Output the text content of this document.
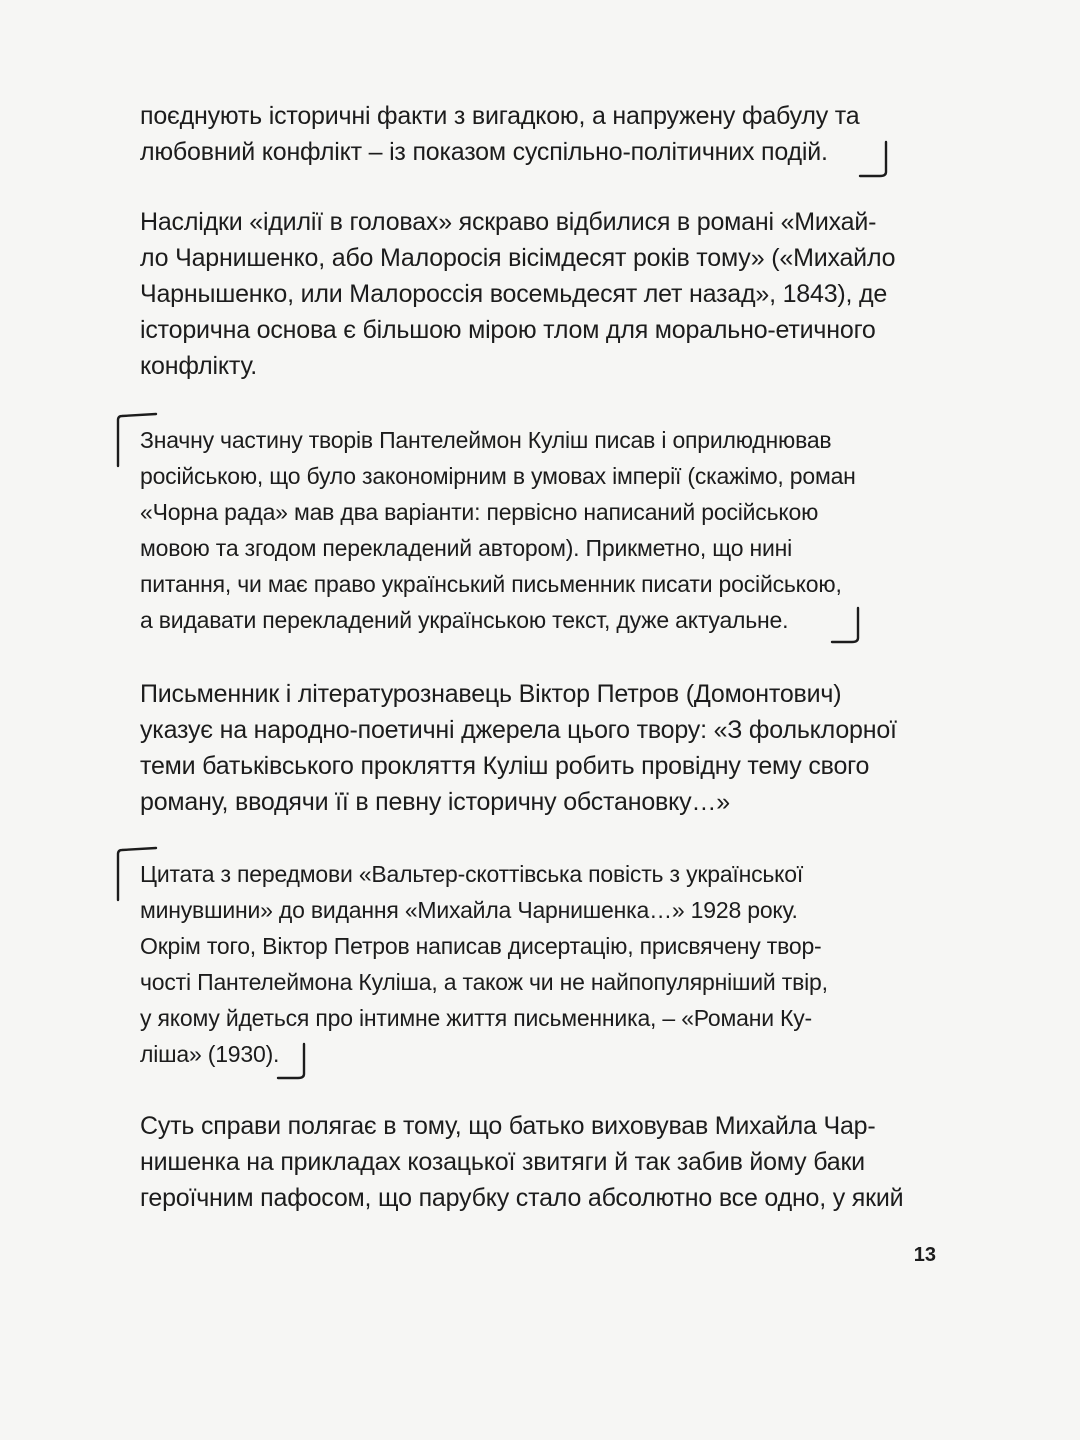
поєднують історичні факти з вигадкою, а напружену фабулу та
любовний конфлікт – із показом суспільно-політичних подій.

Наслідки «ідилії в головах» яскраво відбилися в романі «Михай-
ло Чарнишенко, або Малоросія вісімдесят років тому» («Михайло
Чарнышенко, или Малороссія восемьдесят лет назад», 1843), де
історична основа є більшою мірою тлом для морально-етичного
конфлікту.

Значну частину творів Пантелеймон Куліш писав і оприлюднював
російською, що було закономірним в умовах імперії (скажімо, роман
«Чорна рада» мав два варіанти: первісно написаний російською
мовою та згодом перекладений автором). Прикметно, що нині
питання, чи має право український письменник писати російською,
а видавати перекладений українською текст, дуже актуальне.

Письменник і літературознавець Віктор Петров (Домонтович)
указує на народно-поетичні джерела цього твору: «З фольклорної
теми батьківського прокляття Куліш робить провідну тему свого
роману, вводячи її в певну історичну обстановку…»

Цитата з передмови «Вальтер-скоттівська повість з української
минувшини» до видання «Михайла Чарнишенка…» 1928 року.
Окрім того, Віктор Петров написав дисертацію, присвячену твор-
чості Пантелеймона Куліша, а також чи не найпопулярніший твір,
у якому йдеться про інтимне життя письменника, – «Романи Ку-
ліша» (1930).

Суть справи полягає в тому, що батько виховував Михайла Чар-
нишенка на прикладах козацької звитяги й так забив йому баки
героїчним пафосом, що парубку стало абсолютно все одно, у який

13
